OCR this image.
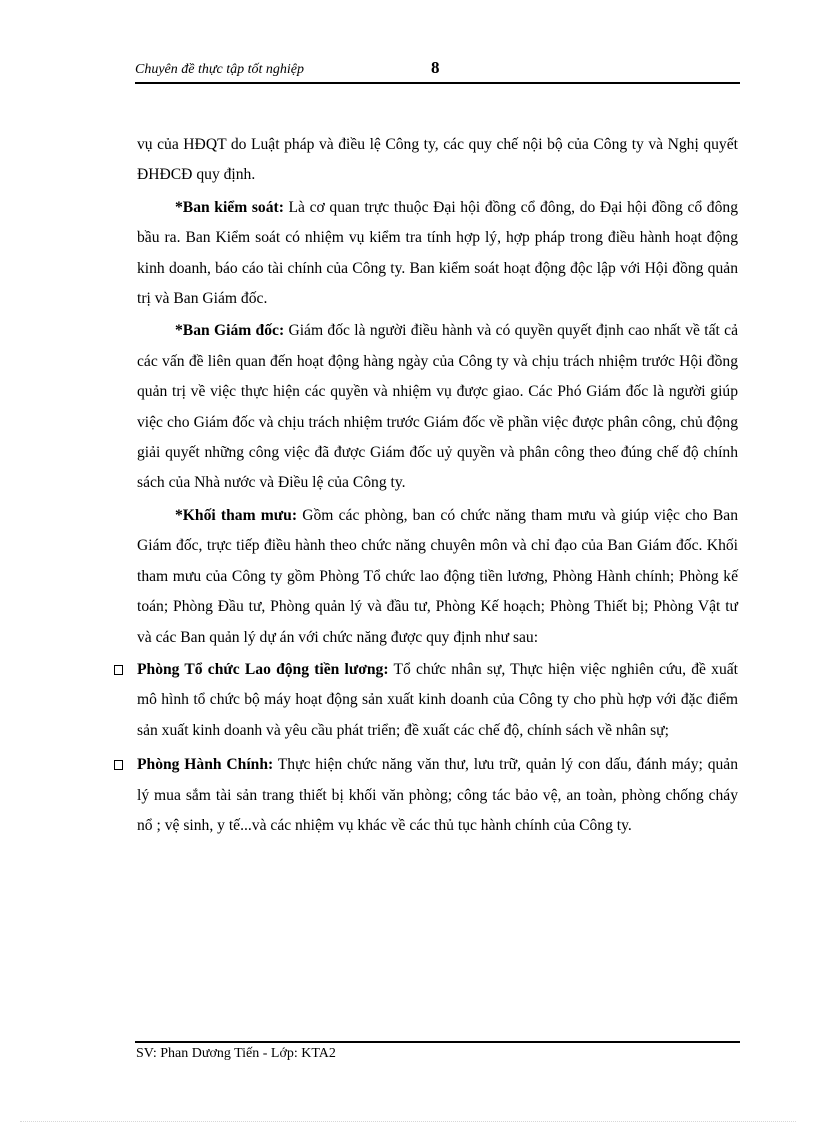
Chuyên đề thực tập tốt nghiệp	8

vụ của HĐQT do Luật pháp và điều lệ Công ty, các quy chế nội bộ của Công ty và Nghị quyết ĐHĐCĐ quy định.

*Ban kiểm soát: Là cơ quan trực thuộc Đại hội đồng cổ đông, do Đại hội đồng cổ đông bầu ra. Ban Kiểm soát có nhiệm vụ kiểm tra tính hợp lý, hợp pháp trong điều hành hoạt động kinh doanh, báo cáo tài chính của Công ty. Ban kiểm soát hoạt động độc lập với Hội đồng quản trị và Ban Giám đốc.

*Ban Giám đốc: Giám đốc là người điều hành và có quyền quyết định cao nhất về tất cả các vấn đề liên quan đến hoạt động hàng ngày của Công ty và chịu trách nhiệm trước Hội đồng quản trị về việc thực hiện các quyền và nhiệm vụ được giao. Các Phó Giám đốc là người giúp việc cho Giám đốc và chịu trách nhiệm trước Giám đốc về phần việc được phân công, chủ động giải quyết những công việc đã được Giám đốc uỷ quyền và phân công theo đúng chế độ chính sách của Nhà nước và Điều lệ của Công ty.

*Khối tham mưu: Gồm các phòng, ban có chức năng tham mưu và giúp việc cho Ban Giám đốc, trực tiếp điều hành theo chức năng chuyên môn và chỉ đạo của Ban Giám đốc. Khối tham mưu của Công ty gồm Phòng Tổ chức lao động tiền lương, Phòng Hành chính; Phòng kế toán; Phòng Đầu tư, Phòng quản lý và đầu tư, Phòng Kế hoạch; Phòng Thiết bị; Phòng Vật tư và các Ban quản lý dự án với chức năng được quy định như sau:

Phòng Tổ chức Lao động tiền lương: Tổ chức nhân sự, Thực hiện việc nghiên cứu, đề xuất mô hình tổ chức bộ máy hoạt động sản xuất kinh doanh của Công ty cho phù hợp với đặc điểm sản xuất kinh doanh và yêu cầu phát triển; đề xuất các chế độ, chính sách về nhân sự;

Phòng Hành Chính: Thực hiện chức năng văn thư, lưu trữ, quản lý con dấu, đánh máy; quản lý mua sắm tài sản trang thiết bị khối văn phòng; công tác bảo vệ, an toàn, phòng chống cháy nổ ; vệ sinh, y tế...và các nhiệm vụ khác về các thủ tục hành chính của Công ty.

SV: Phan Dương Tiến - Lớp: KTA2
